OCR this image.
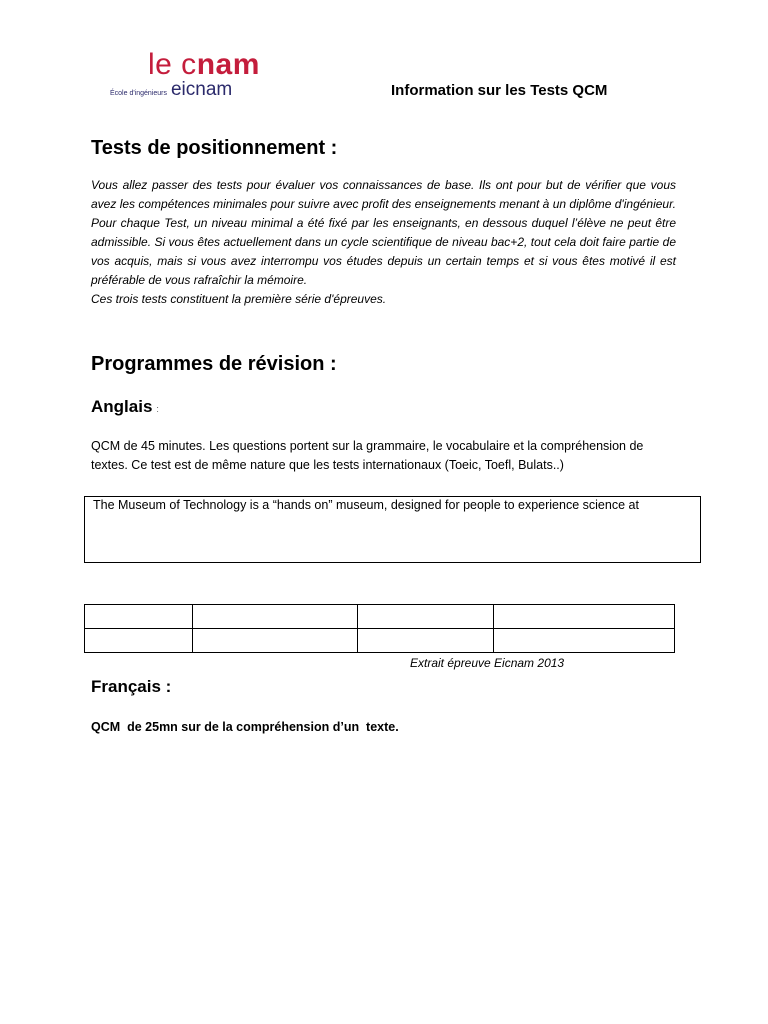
le cnam
École d'ingénieurs eicnam	Information sur les Tests QCM
Tests de positionnement :

Vous allez passer des tests pour évaluer vos connaissances de base. Ils ont pour but de vérifier que vous avez les compétences minimales pour suivre avec profit des enseignements menant à un diplôme d'ingénieur. Pour chaque Test, un niveau minimal a été fixé par les enseignants, en dessous duquel l’élève ne peut être admissible. Si vous êtes actuellement dans un cycle scientifique de niveau bac+2, tout cela doit faire partie de vos acquis, mais si vous avez interrompu vos études depuis un certain temps et si vous êtes motivé il est préférable de vous rafraîchir la mémoire.

Ces trois tests constituent la première série d'épreuves.

Programmes de révision :
Anglais :
QCM de 45 minutes. Les questions portent sur la grammaire, le vocabulaire et la compréhension de textes. Ce test est de même nature que les tests internationaux (Toeic, Toefl, Bulats..)
The Museum of Technology is a “hands on” museum, designed for people to experience science at

Extrait épreuve Eicnam 2013
Français :
QCM  de 25mn sur de la compréhension d’un  texte.
